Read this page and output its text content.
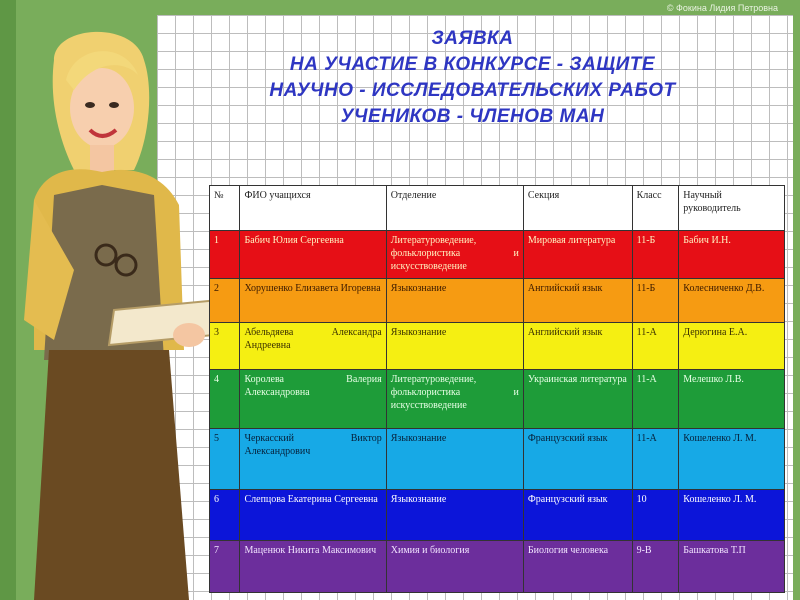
© Фокина Лидия Петровна
ЗАЯВКА
НА УЧАСТИЕ В КОНКУРСЕ - ЗАЩИТЕ
НАУЧНО - ИССЛЕДОВАТЕЛЬСКИХ РАБОТ
УЧЕНИКОВ - ЧЛЕНОВ МАН
№	ФИО учащихся	Отделение	Секция	Класс	Научный руководитель
1	Бабич Юлия Сергеевна	Литературоведение, фольклористика и искусствоведение	Мировая литература	11-Б	Бабич И.Н.
2	Хорушенко Елизавета Игоревна	Языкознание	Английский язык	11-Б	Колесниченко Д.В.
3	Абельдяева Александра Андреевна	Языкознание	Английский язык	11-А	Дерюгина Е.А.
4	Королева Валерия Александровна	Литературоведение, фольклористика и искусствоведение	Украинская литература	11-А	Мелешко Л.В.
5	Черкасский Виктор Александрович	Языкознание	Французский язык	11-А	Кошеленко Л. М.
6	Слепцова Екатерина Сергеевна	Языкознание	Французский язык	10	Кошеленко Л. М.
7	Маценюк Никита Максимович	Химия и биология	Биология человека	9-В	Башкатова Т.П
